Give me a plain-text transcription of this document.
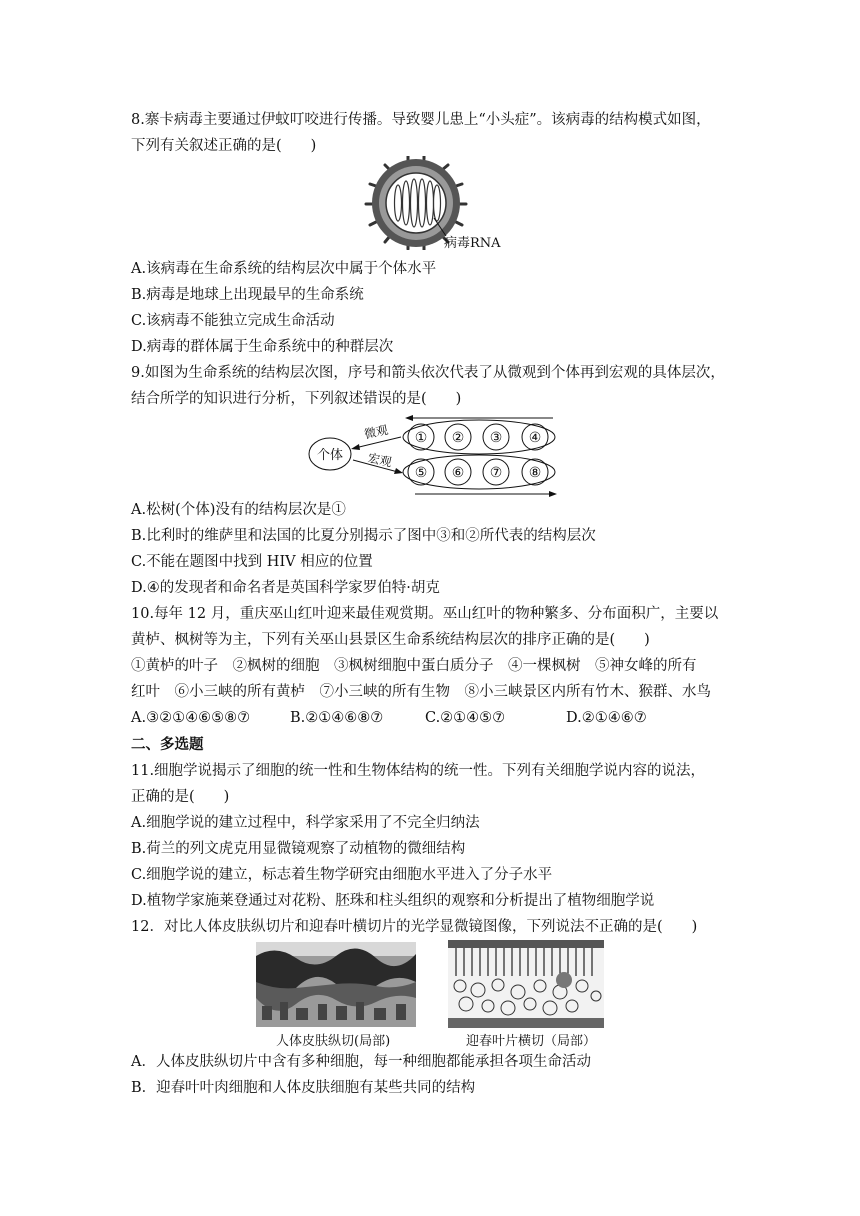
8.寨卡病毒主要通过伊蚊叮咬进行传播。导致婴儿患上“小头症”。该病毒的结构模式如图，
下列有关叙述正确的是(　　)
病毒RNA
A.该病毒在生命系统的结构层次中属于个体水平
B.病毒是地球上出现最早的生命系统
C.该病毒不能独立完成生命活动
D.病毒的群体属于生命系统中的种群层次
9.如图为生命系统的结构层次图，序号和箭头依次代表了从微观到个体再到宏观的具体层次，
结合所学的知识进行分析，下列叙述错误的是(　　)
个体
微观
宏观
① ② ③ ④
⑤ ⑥ ⑦ ⑧
A.松树(个体)没有的结构层次是①
B.比利时的维萨里和法国的比夏分别揭示了图中③和②所代表的结构层次
C.不能在题图中找到 HIV 相应的位置
D.④的发现者和命名者是英国科学家罗伯特·胡克
10.每年 12 月，重庆巫山红叶迎来最佳观赏期。巫山红叶的物种繁多、分布面积广，主要以
黄栌、枫树等为主，下列有关巫山县景区生命系统结构层次的排序正确的是(　　)
①黄栌的叶子　②枫树的细胞　③枫树细胞中蛋白质分子　④一棵枫树　⑤神女峰的所有
红叶　⑥小三峡的所有黄栌　⑦小三峡的所有生物　⑧小三峡景区内所有竹木、猴群、水鸟
A.③②①④⑥⑤⑧⑦	B.②①④⑥⑧⑦	C.②①④⑤⑦	D.②①④⑥⑦
二、多选题
11.细胞学说揭示了细胞的统一性和生物体结构的统一性。下列有关细胞学说内容的说法，
正确的是(　　)
A.细胞学说的建立过程中，科学家采用了不完全归纳法
B.荷兰的列文虎克用显微镜观察了动植物的微细结构
C.细胞学说的建立，标志着生物学研究由细胞水平进入了分子水平
D.植物学家施莱登通过对花粉、胚珠和柱头组织的观察和分析提出了植物细胞学说
12．对比人体皮肤纵切片和迎春叶横切片的光学显微镜图像，下列说法不正确的是(　　)
人体皮肤纵切(局部)	迎春叶片横切（局部）
A．人体皮肤纵切片中含有多种细胞，每一种细胞都能承担各项生命活动
B．迎春叶叶肉细胞和人体皮肤细胞有某些共同的结构
